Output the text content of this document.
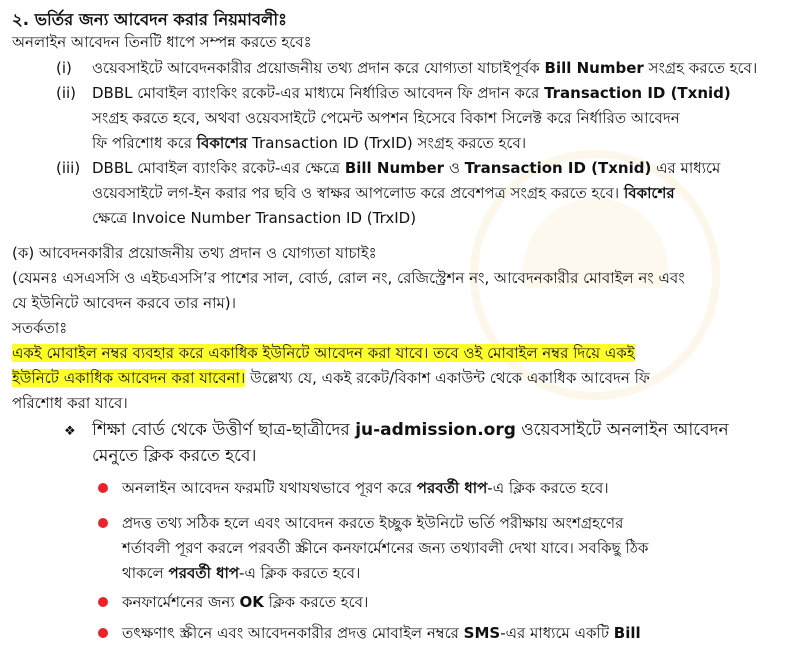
২. ভর্তির জন্য আবেদন করার নিয়মাবলীঃ
অনলাইন আবেদন তিনটি ধাপে সম্পন্ন করতে হবেঃ
(i) ওয়েবসাইটে আবেদনকারীর প্রয়োজনীয় তথ্য প্রদান করে যোগ্যতা যাচাইপূর্বক Bill Number সংগ্রহ করতে হবে।
(ii) DBBL মোবাইল ব্যাংকিং রকেট-এর মাধ্যমে নির্ধারিত আবেদন ফি প্রদান করে Transaction ID (Txnid)
সংগ্রহ করতে হবে, অথবা ওয়েবসাইটে পেমেন্ট অপশন হিসেবে বিকাশ সিলেক্ট করে নির্ধারিত আবেদন
ফি পরিশোধ করে বিকাশের Transaction ID (TrxID) সংগ্রহ করতে হবে।
(iii) DBBL মোবাইল ব্যাংকিং রকেট-এর ক্ষেত্রে Bill Number ও Transaction ID (Txnid) এর মাধ্যমে
ওয়েবসাইটে লগ-ইন করার পর ছবি ও স্বাক্ষর আপলোড করে প্রবেশপত্র সংগ্রহ করতে হবে। বিকাশের
ক্ষেত্রে Invoice Number Transaction ID (TrxID)
(ক) আবেদনকারীর প্রয়োজনীয় তথ্য প্রদান ও যোগ্যতা যাচাইঃ
(যেমনঃ এসএসসি ও এইচএসসি’র পাশের সাল, বোর্ড, রোল নং, রেজিস্ট্রেশন নং, আবেদনকারীর মোবাইল নং এবং
যে ইউনিটে আবেদন করবে তার নাম)।
সতর্কতাঃ
একই মোবাইল নম্বর ব্যবহার করে একাধিক ইউনিটে আবেদন করা যাবে। তবে ওই মোবাইল নম্বর দিয়ে একই
ইউনিটে একাধিক আবেদন করা যাবেনা। উল্লেখ্য যে, একই রকেট/বিকাশ একাউন্ট থেকে একাধিক আবেদন ফি
পরিশোধ করা যাবে।
❖ শিক্ষা বোর্ড থেকে উত্তীর্ণ ছাত্র-ছাত্রীদের ju-admission.org ওয়েবসাইটে অনলাইন আবেদন
মেনুতে ক্লিক করতে হবে।
অনলাইন আবেদন ফরমটি যথাযথভাবে পূরণ করে পরবর্তী ধাপ-এ ক্লিক করতে হবে।
প্রদত্ত তথ্য সঠিক হলে এবং আবেদন করতে ইচ্ছুক ইউনিটে ভর্তি পরীক্ষায় অংশগ্রহণের
শর্তাবলী পূরণ করলে পরবর্তী স্ক্রীনে কনফার্মেশনের জন্য তথ্যাবলী দেখা যাবে। সবকিছু ঠিক
থাকলে পরবর্তী ধাপ-এ ক্লিক করতে হবে।
কনফার্মেশনের জন্য OK ক্লিক করতে হবে।
তৎক্ষণাৎ স্ক্রীনে এবং আবেদনকারীর প্রদত্ত মোবাইল নম্বরে SMS-এর মাধ্যমে একটি Bill
